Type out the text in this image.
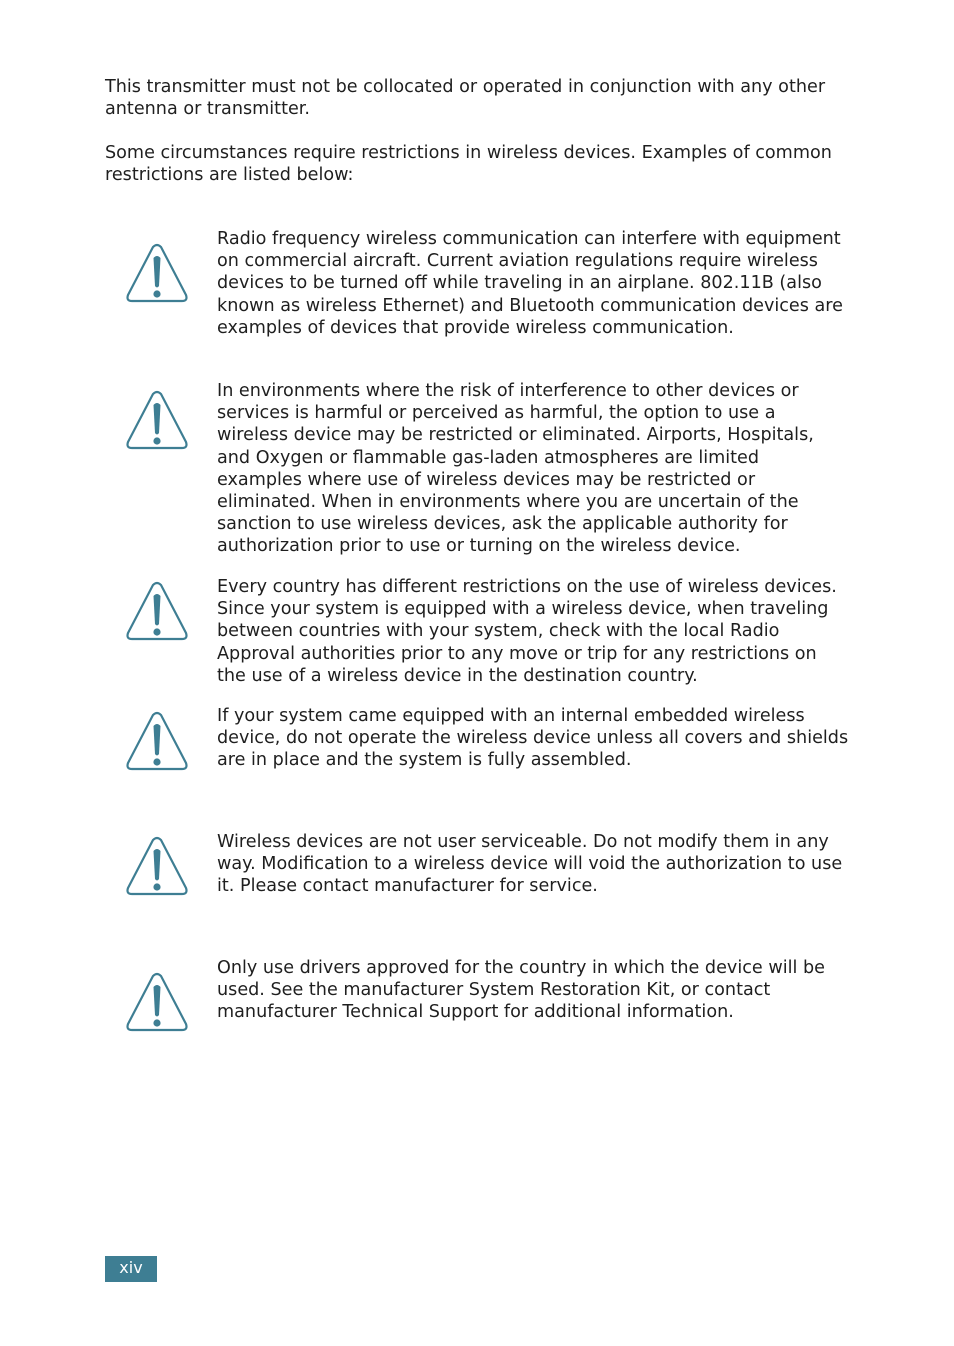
This transmitter must not be collocated or operated in conjunction with any other antenna or transmitter.

Some circumstances require restrictions in wireless devices. Examples of common restrictions are listed below:

Radio frequency wireless communication can interfere with equipment on commercial aircraft. Current aviation regulations require wireless devices to be turned off while traveling in an airplane. 802.11B (also known as wireless Ethernet) and Bluetooth communication devices are examples of devices that provide wireless communication.

In environments where the risk of interference to other devices or services is harmful or perceived as harmful, the option to use a wireless device may be restricted or eliminated. Airports, Hospitals, and Oxygen or flammable gas-laden atmospheres are limited examples where use of wireless devices may be restricted or eliminated. When in environments where you are uncertain of the sanction to use wireless devices, ask the applicable authority for authorization prior to use or turning on the wireless device.

Every country has different restrictions on the use of wireless devices. Since your system is equipped with a wireless device, when traveling between countries with your system, check with the local Radio Approval authorities prior to any move or trip for any restrictions on the use of a wireless device in the destination country.

If your system came equipped with an internal embedded wireless device, do not operate the wireless device unless all covers and shields are in place and the system is fully assembled.

Wireless devices are not user serviceable. Do not modify them in any way. Modification to a wireless device will void the authorization to use it. Please contact manufacturer for service.

Only use drivers approved for the country in which the device will be used. See the manufacturer System Restoration Kit, or contact manufacturer Technical Support for additional information.

xiv
